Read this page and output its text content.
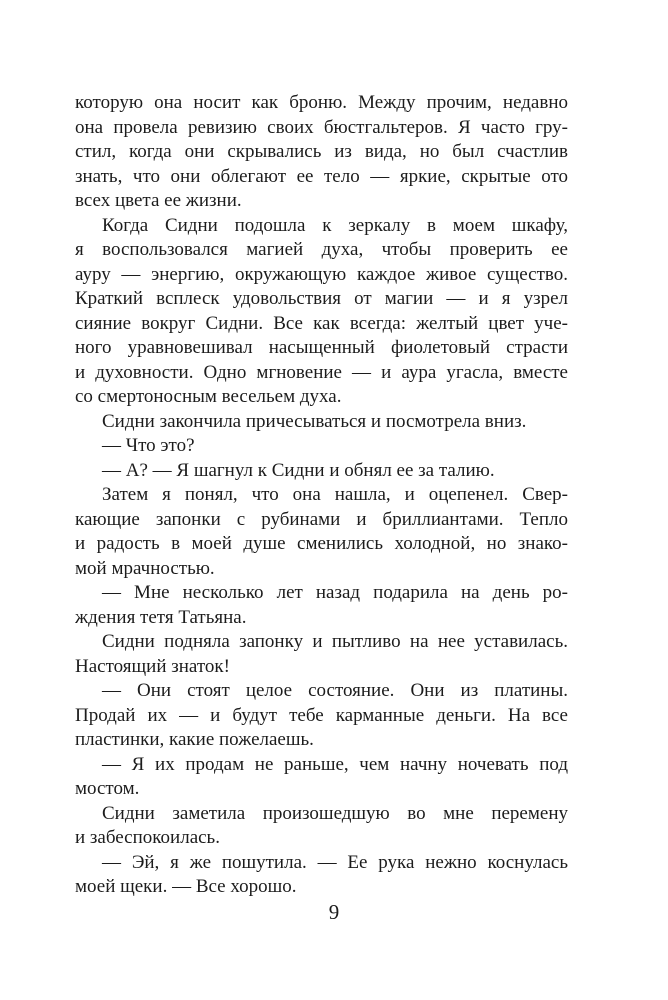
которую она носит как броню. Между прочим, недавно
она провела ревизию своих бюстгальтеров. Я часто гру-
стил, когда они скрывались из вида, но был счастлив
знать, что они облегают ее тело — яркие, скрытые ото
всех цвета ее жизни.

Когда Сидни подошла к зеркалу в моем шкафу,
я воспользовался магией духа, чтобы проверить ее
ауру — энергию, окружающую каждое живое существо.
Краткий всплеск удовольствия от магии — и я узрел
сияние вокруг Сидни. Все как всегда: желтый цвет уче-
ного уравновешивал насыщенный фиолетовый страсти
и духовности. Одно мгновение — и аура угасла, вместе
со смертоносным весельем духа.

Сидни закончила причесываться и посмотрела вниз.

— Что это?

— А? — Я шагнул к Сидни и обнял ее за талию.

Затем я понял, что она нашла, и оцепенел. Свер-
кающие запонки с рубинами и бриллиантами. Тепло
и радость в моей душе сменились холодной, но знако-
мой мрачностью.

— Мне несколько лет назад подарила на день ро-
ждения тетя Татьяна.

Сидни подняла запонку и пытливо на нее уставилась.
Настоящий знаток!

— Они стоят целое состояние. Они из платины.
Продай их — и будут тебе карманные деньги. На все
пластинки, какие пожелаешь.

— Я их продам не раньше, чем начну ночевать под
мостом.

Сидни заметила произошедшую во мне перемену
и забеспокоилась.

— Эй, я же пошутила. — Ее рука нежно коснулась
моей щеки. — Все хорошо.

9
